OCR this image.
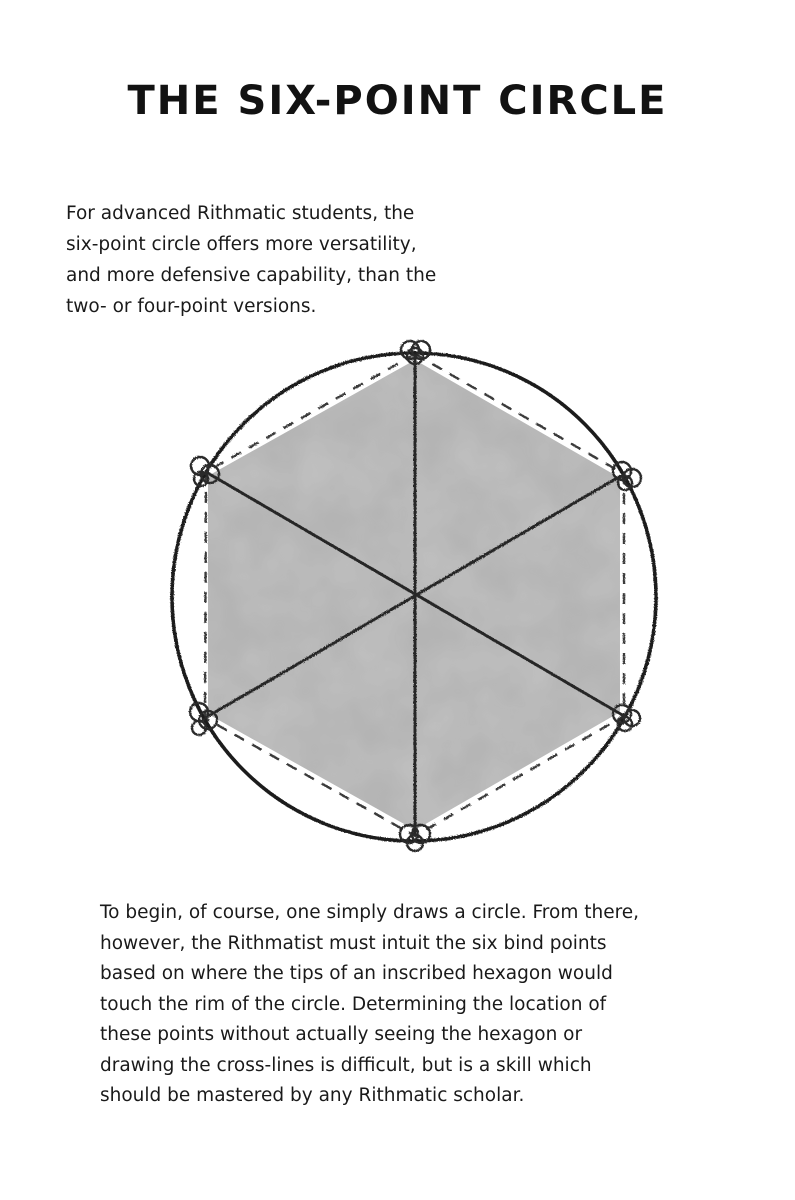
THE SIX-POINT CIRCLE

For advanced Rithmatic students, the
six-point circle offers more versatility,
and more defensive capability, than the
two- or four-point versions.

To begin, of course, one simply draws a circle. From there,
however, the Rithmatist must intuit the six bind points
based on where the tips of an inscribed hexagon would
touch the rim of the circle. Determining the location of
these points without actually seeing the hexagon or
drawing the cross-lines is difficult, but is a skill which
should be mastered by any Rithmatic scholar.
